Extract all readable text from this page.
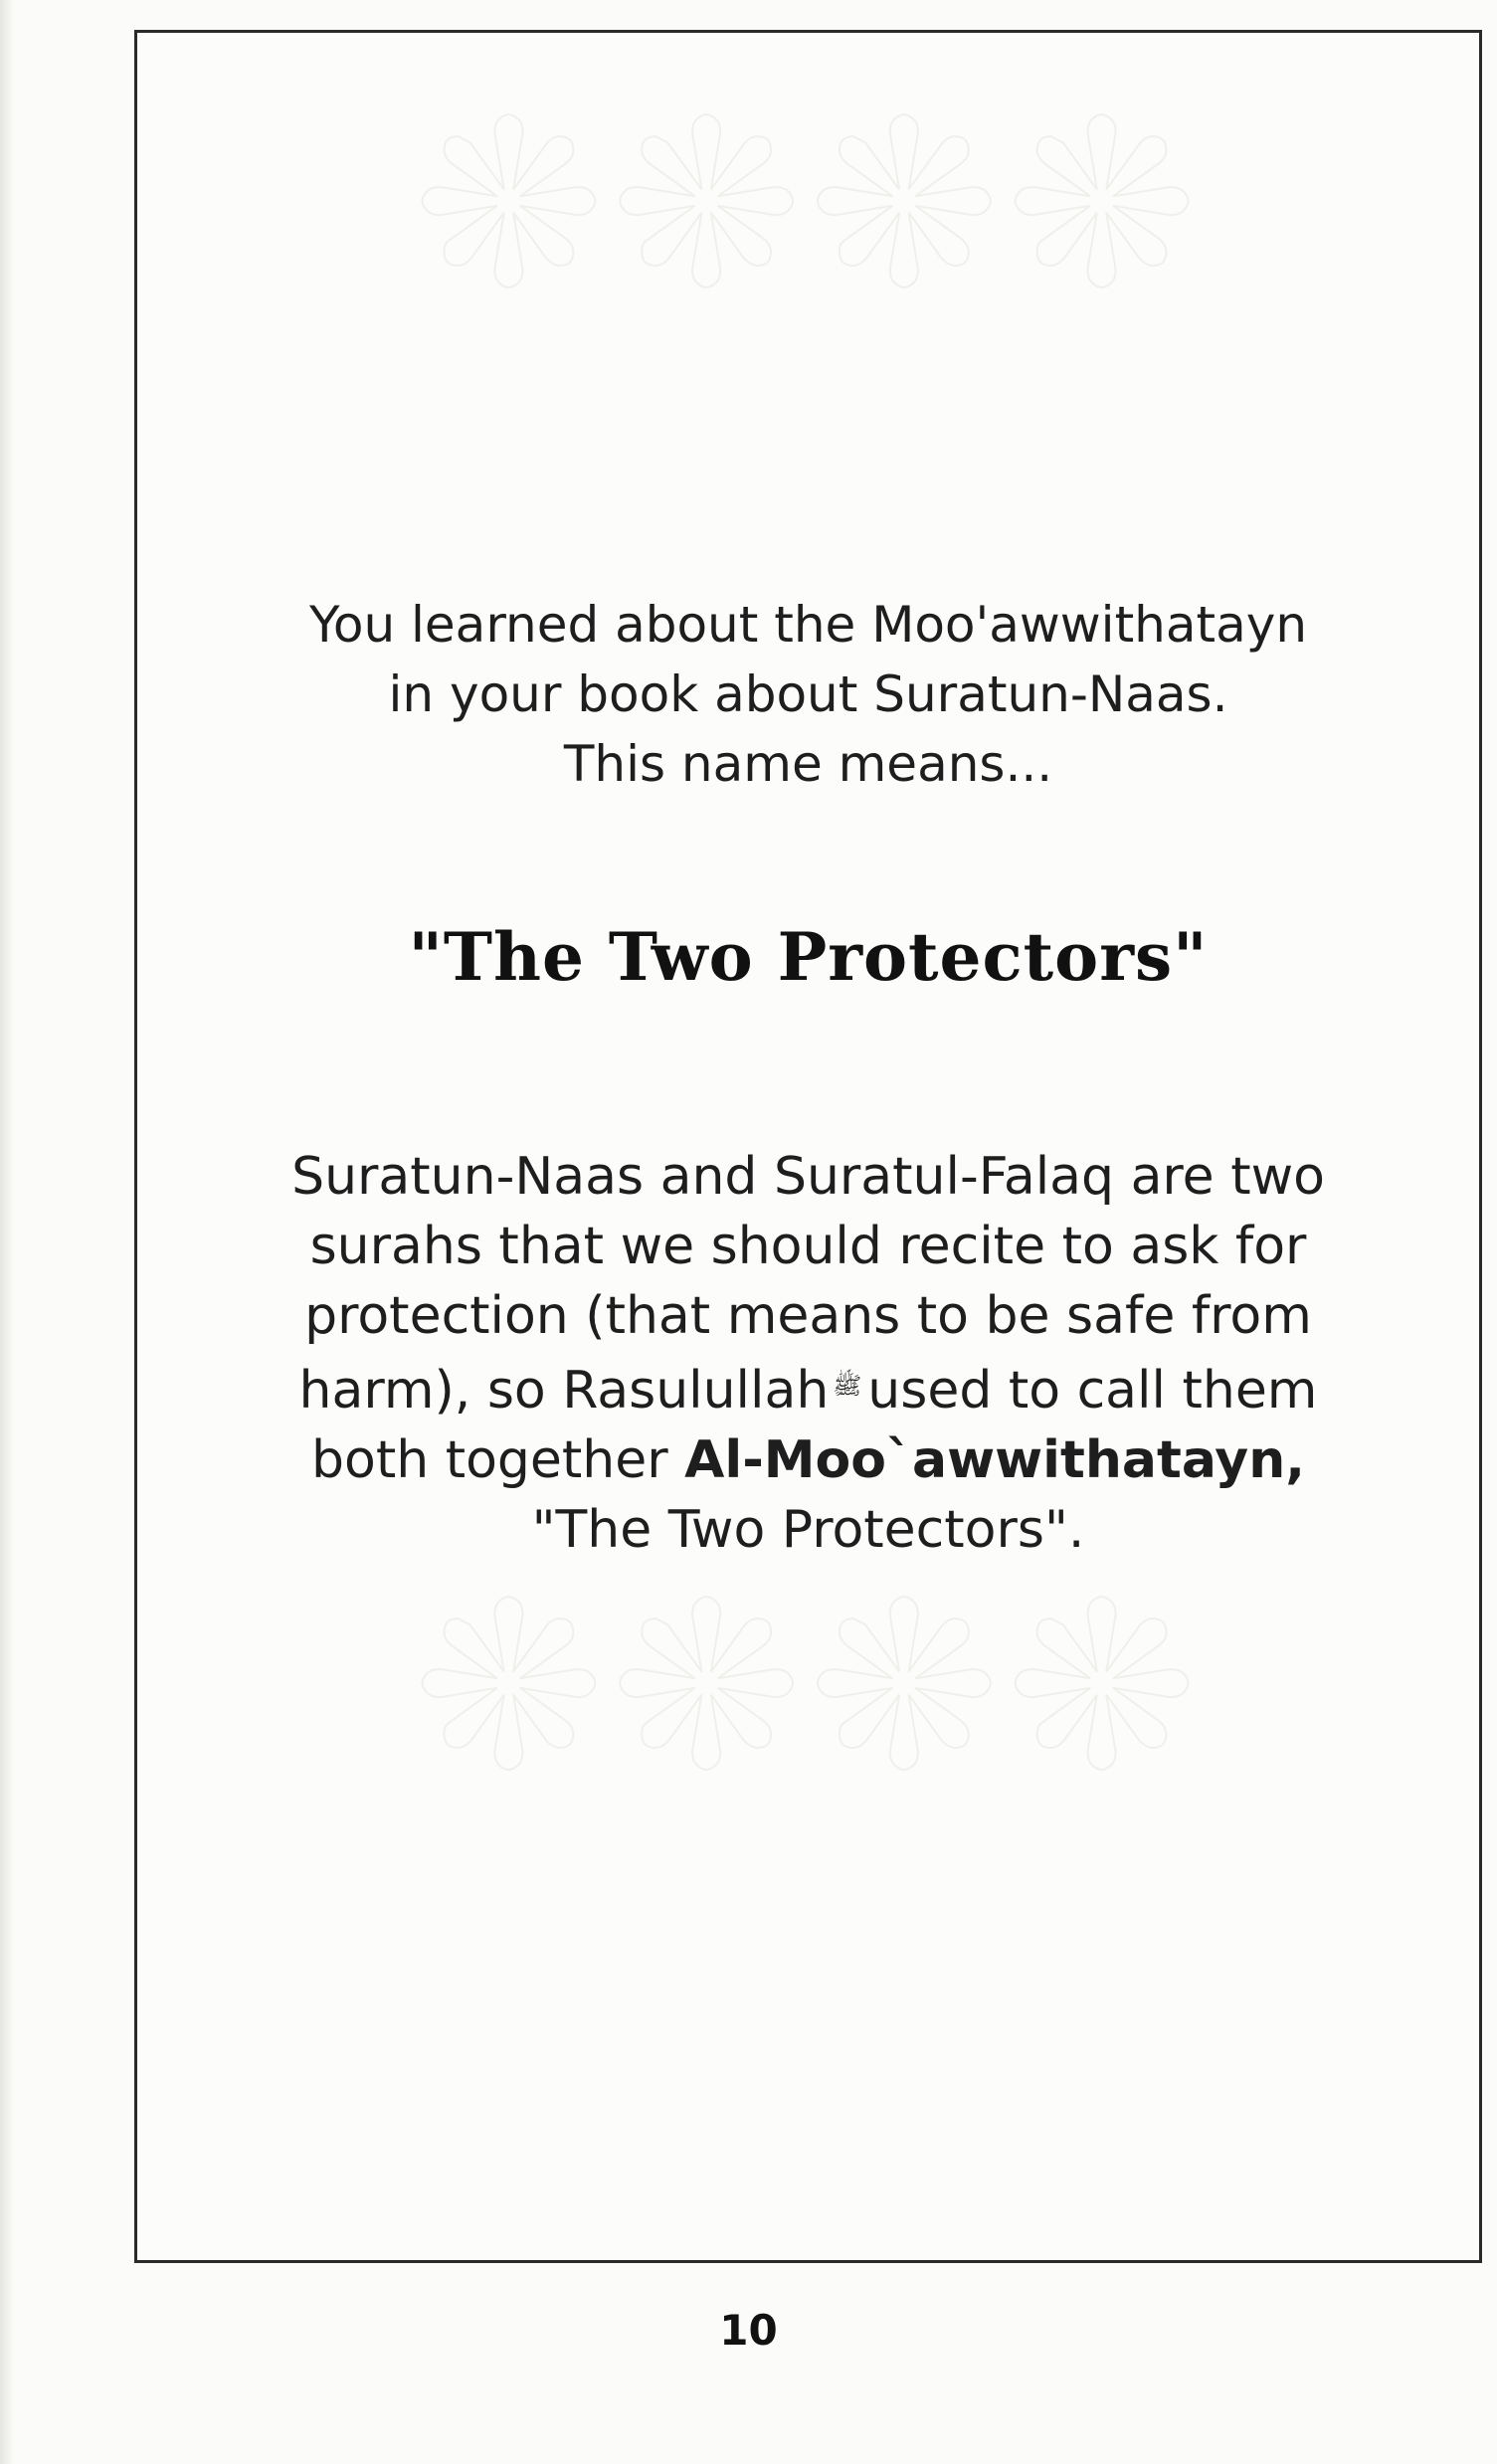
❋❋❋❋
❋❋❋❋
You learned about the Moo'awwithatayn
in your book about Suratun-Naas.
This name means...
"The Two Protectors"
Suratun-Naas and Suratul-Falaq are two
surahs that we should recite to ask for
protection (that means to be safe from
harm), so Rasulullah $^ﷺ$ used to call them
both together Al-Moo`awwithatayn,
"The Two Protectors".
10
